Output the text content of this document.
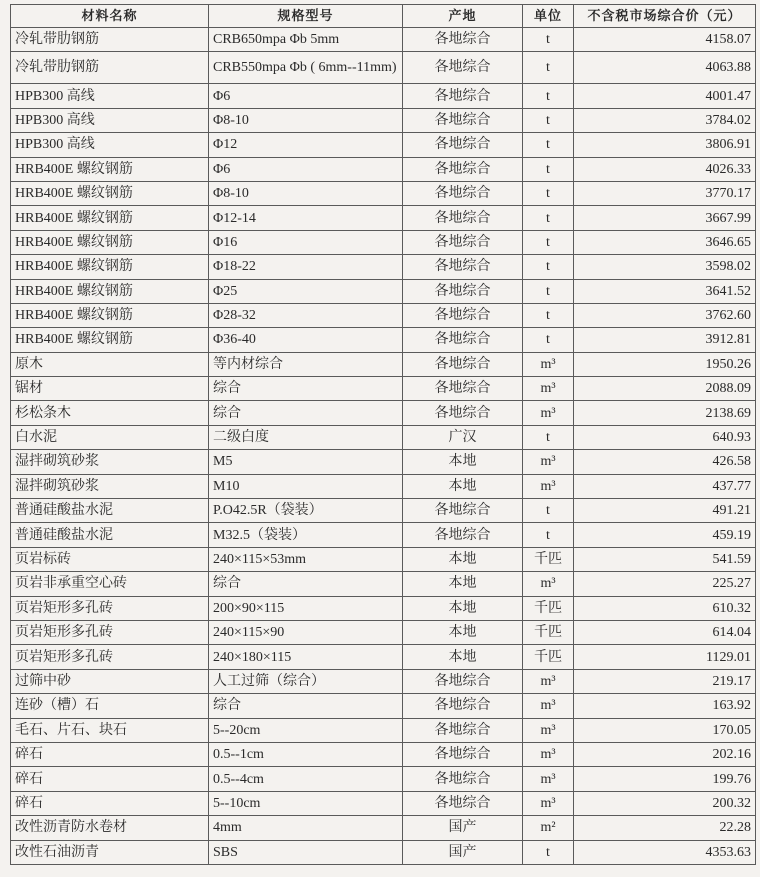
材料名称	规格型号	产地	单位	不含税市场综合价（元）
冷轧带肋钢筋	CRB650mpa Φb 5mm	各地综合	t	4158.07
冷轧带肋钢筋	CRB550mpa Φb ( 6mm--11mm)	各地综合	t	4063.88
HPB300 高线	Φ6	各地综合	t	4001.47
HPB300 高线	Φ8-10	各地综合	t	3784.02
HPB300 高线	Φ12	各地综合	t	3806.91
HRB400E 螺纹钢筋	Φ6	各地综合	t	4026.33
HRB400E 螺纹钢筋	Φ8-10	各地综合	t	3770.17
HRB400E 螺纹钢筋	Φ12-14	各地综合	t	3667.99
HRB400E 螺纹钢筋	Φ16	各地综合	t	3646.65
HRB400E 螺纹钢筋	Φ18-22	各地综合	t	3598.02
HRB400E 螺纹钢筋	Φ25	各地综合	t	3641.52
HRB400E 螺纹钢筋	Φ28-32	各地综合	t	3762.60
HRB400E 螺纹钢筋	Φ36-40	各地综合	t	3912.81
原木	等内材综合	各地综合	m³	1950.26
锯材	综合	各地综合	m³	2088.09
杉松条木	综合	各地综合	m³	2138.69
白水泥	二级白度	广汉	t	640.93
湿拌砌筑砂浆	M5	本地	m³	426.58
湿拌砌筑砂浆	M10	本地	m³	437.77
普通硅酸盐水泥	P.O42.5R（袋装）	各地综合	t	491.21
普通硅酸盐水泥	M32.5（袋装）	各地综合	t	459.19
页岩标砖	240×115×53mm	本地	千匹	541.59
页岩非承重空心砖	综合	本地	m³	225.27
页岩矩形多孔砖	200×90×115	本地	千匹	610.32
页岩矩形多孔砖	240×115×90	本地	千匹	614.04
页岩矩形多孔砖	240×180×115	本地	千匹	1129.01
过筛中砂	人工过筛（综合）	各地综合	m³	219.17
连砂（槽）石	综合	各地综合	m³	163.92
毛石、片石、块石	5--20cm	各地综合	m³	170.05
碎石	0.5--1cm	各地综合	m³	202.16
碎石	0.5--4cm	各地综合	m³	199.76
碎石	5--10cm	各地综合	m³	200.32
改性沥青防水卷材	4mm	国产	m²	22.28
改性石油沥青	SBS	国产	t	4353.63
